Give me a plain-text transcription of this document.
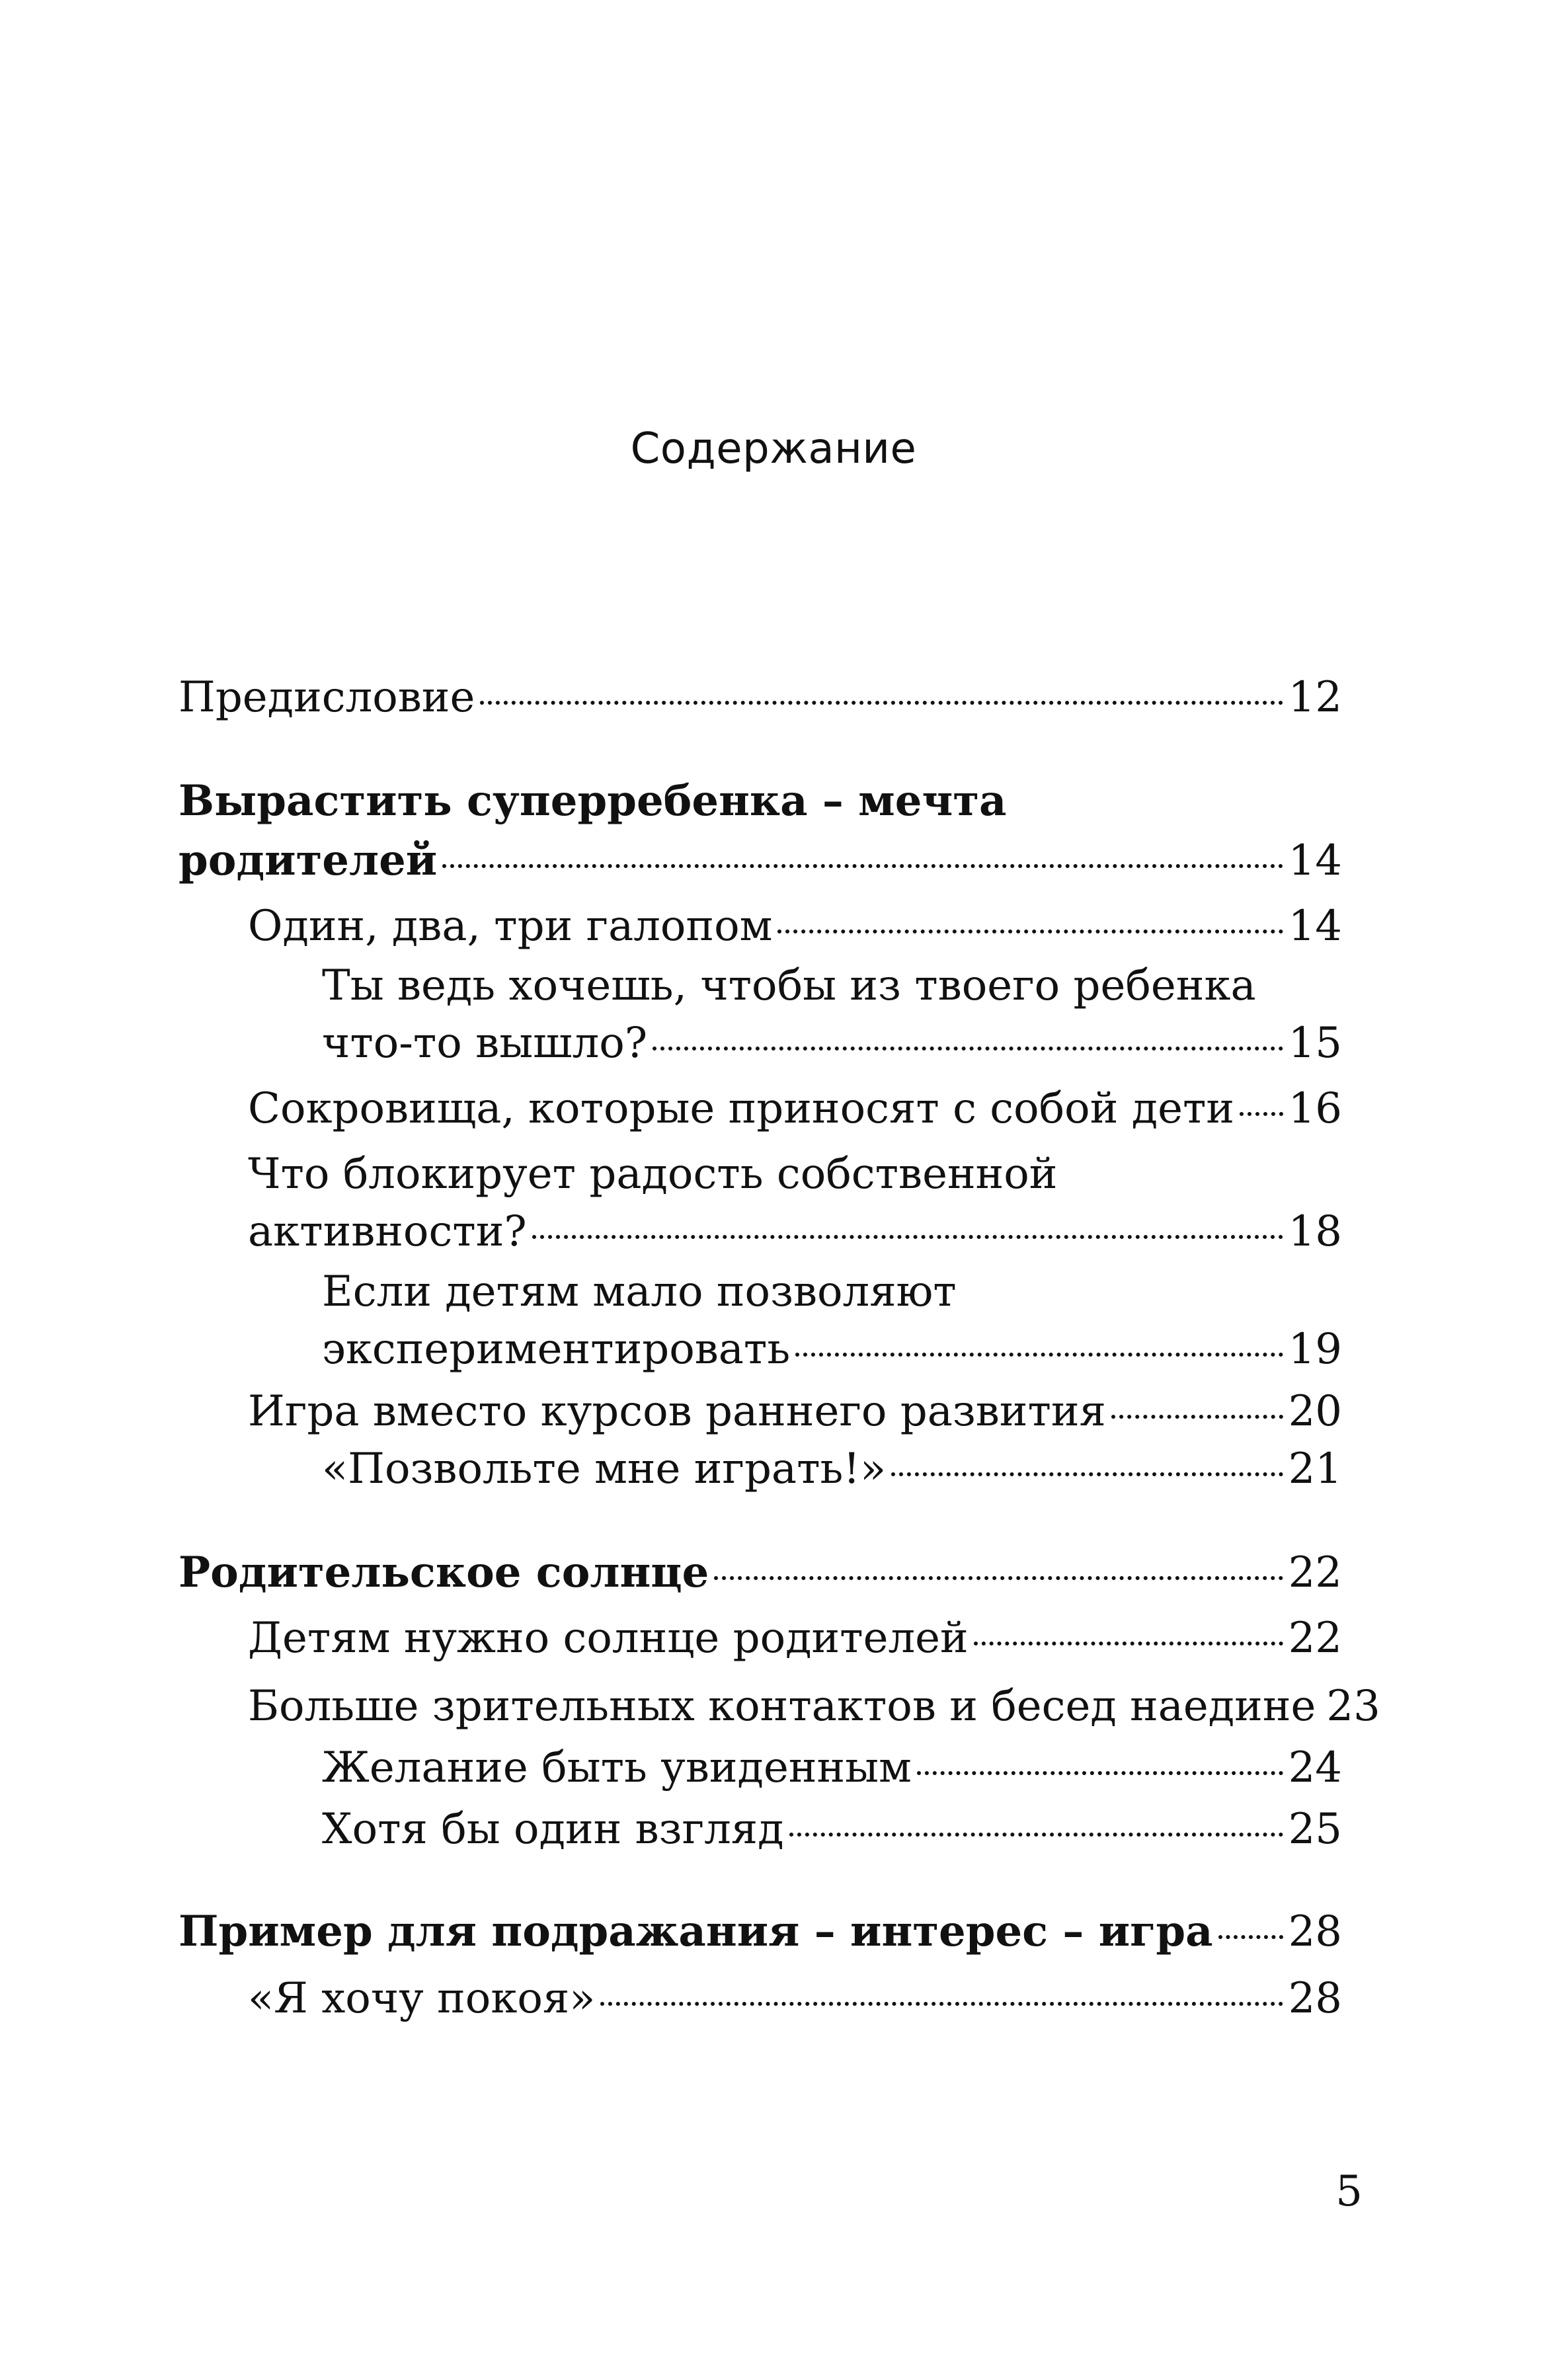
Содержание
Предисловие	12
Вырастить суперребенка – мечта
родителей	14
Один, два, три галопом	14
Ты ведь хочешь, чтобы из твоего ребенка
что-то вышло?	15
Сокровища, которые приносят с собой дети 16
Что блокирует радость собственной
активности?	18
Если детям мало позволяют
экспериментировать	19
Игра вместо курсов раннего развития	20
«Позвольте мне играть!»	21
Родительское солнце	22
Детям нужно солнце родителей	22
Больше зрительных контактов и бесед наедине 23
Желание быть увиденным	24
Хотя бы один взгляд	25
Пример для подражания – интерес – игра 28
«Я хочу покоя»	28
5
